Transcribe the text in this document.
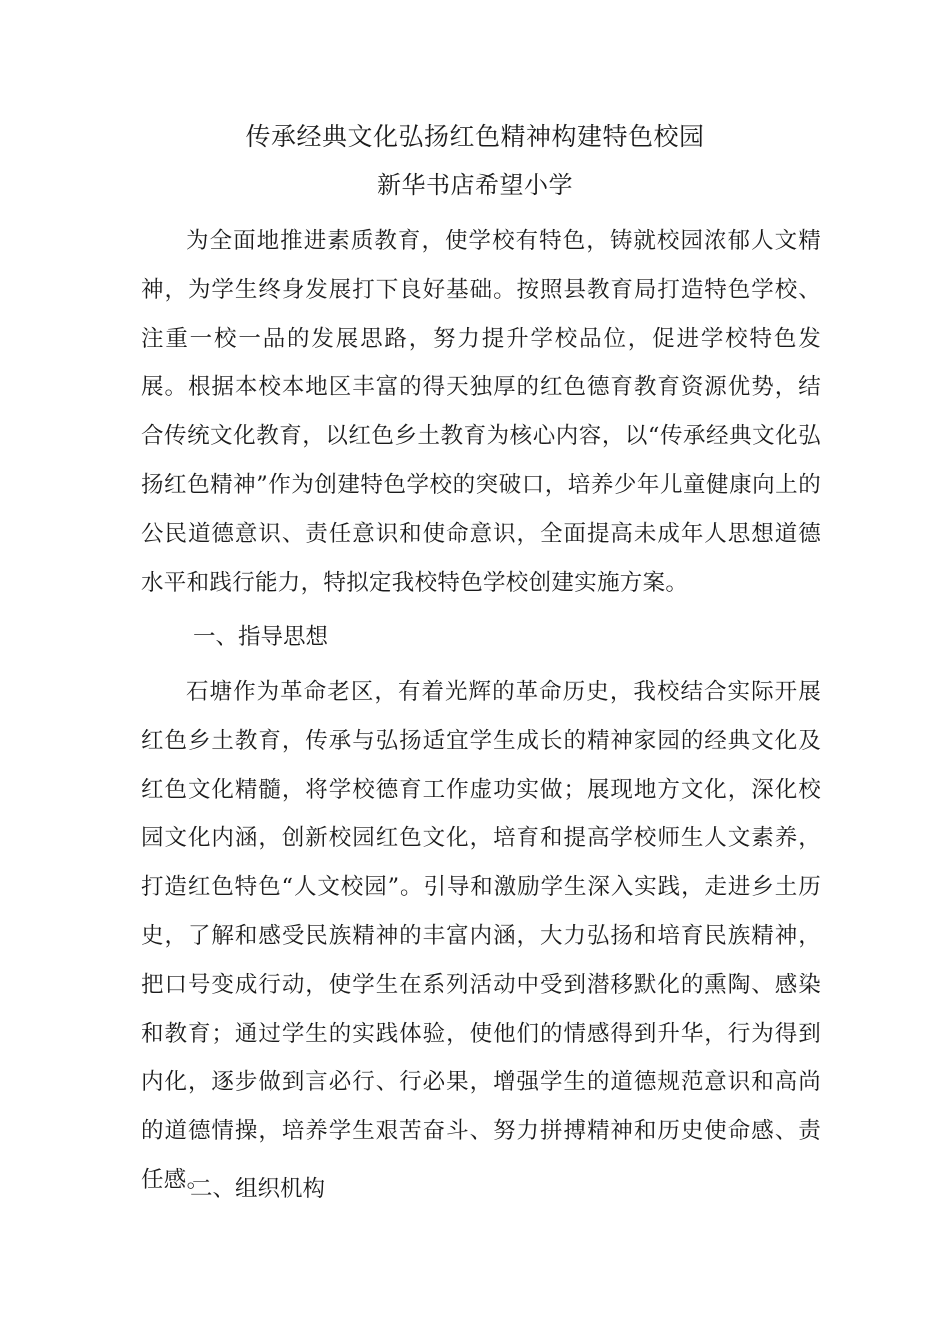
传承经典文化弘扬红色精神构建特色校园
新华书店希望小学

为全面地推进素质教育，使学校有特色，铸就校园浓郁人文精神，为学生终身发展打下良好基础。按照县教育局打造特色学校、注重一校一品的发展思路，努力提升学校品位，促进学校特色发展。根据本校本地区丰富的得天独厚的红色德育教育资源优势，结合传统文化教育，以红色乡土教育为核心内容，以“传承经典文化弘扬红色精神”作为创建特色学校的突破口，培养少年儿童健康向上的公民道德意识、责任意识和使命意识，全面提高未成年人思想道德水平和践行能力，特拟定我校特色学校创建实施方案。

一、指导思想

石塘作为革命老区，有着光辉的革命历史，我校结合实际开展红色乡土教育，传承与弘扬适宜学生成长的精神家园的经典文化及红色文化精髓，将学校德育工作虚功实做；展现地方文化，深化校园文化内涵，创新校园红色文化，培育和提高学校师生人文素养，打造红色特色“人文校园”。引导和激励学生深入实践，走进乡土历史，了解和感受民族精神的丰富内涵，大力弘扬和培育民族精神，把口号变成行动，使学生在系列活动中受到潜移默化的熏陶、感染和教育；通过学生的实践体验，使他们的情感得到升华，行为得到内化，逐步做到言必行、行必果，增强学生的道德规范意识和高尚的道德情操，培养学生艰苦奋斗、努力拼搏精神和历史使命感、责任感。

二、组织机构
